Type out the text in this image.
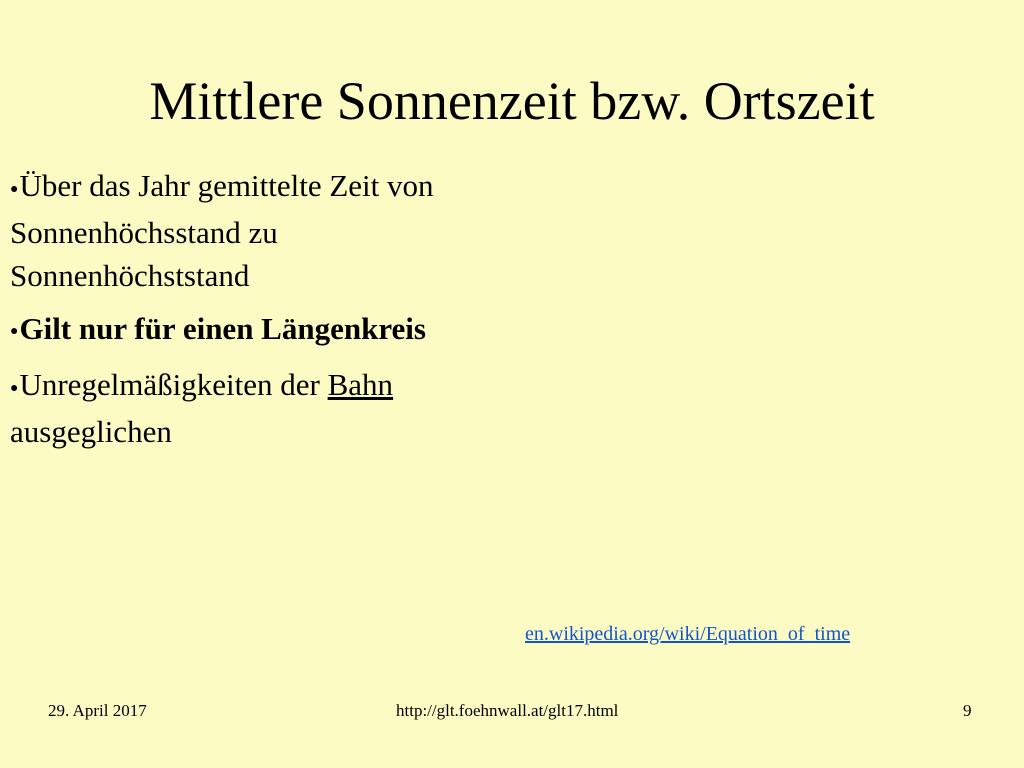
Mittlere Sonnenzeit bzw. Ortszeit
●Über das Jahr gemittelte Zeit von Sonnenhöchsstand zu Sonnenhöchststand
●Gilt nur für einen Längenkreis
●Unregelmäßigkeiten der Bahn ausgeglichen
en.wikipedia.org/wiki/Equation_of_time
29. April 2017	http://glt.foehnwall.at/glt17.html	9
